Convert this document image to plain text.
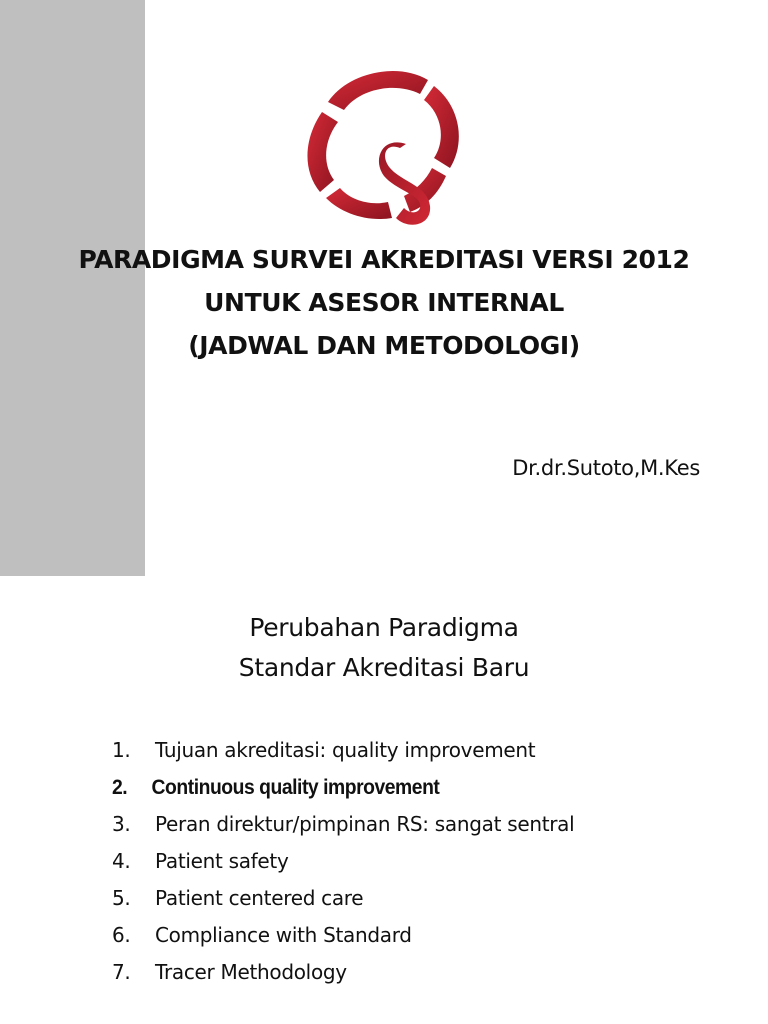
PARADIGMA SURVEI AKREDITASI VERSI 2012
UNTUK ASESOR INTERNAL
(JADWAL DAN METODOLOGI)
Dr.dr.Sutoto,M.Kes
Perubahan Paradigma
Standar Akreditasi Baru
1. Tujuan akreditasi: quality improvement
2. Continuous quality improvement
3. Peran direktur/pimpinan RS: sangat sentral
4. Patient safety
5. Patient centered care
6. Compliance with Standard
7. Tracer Methodology
